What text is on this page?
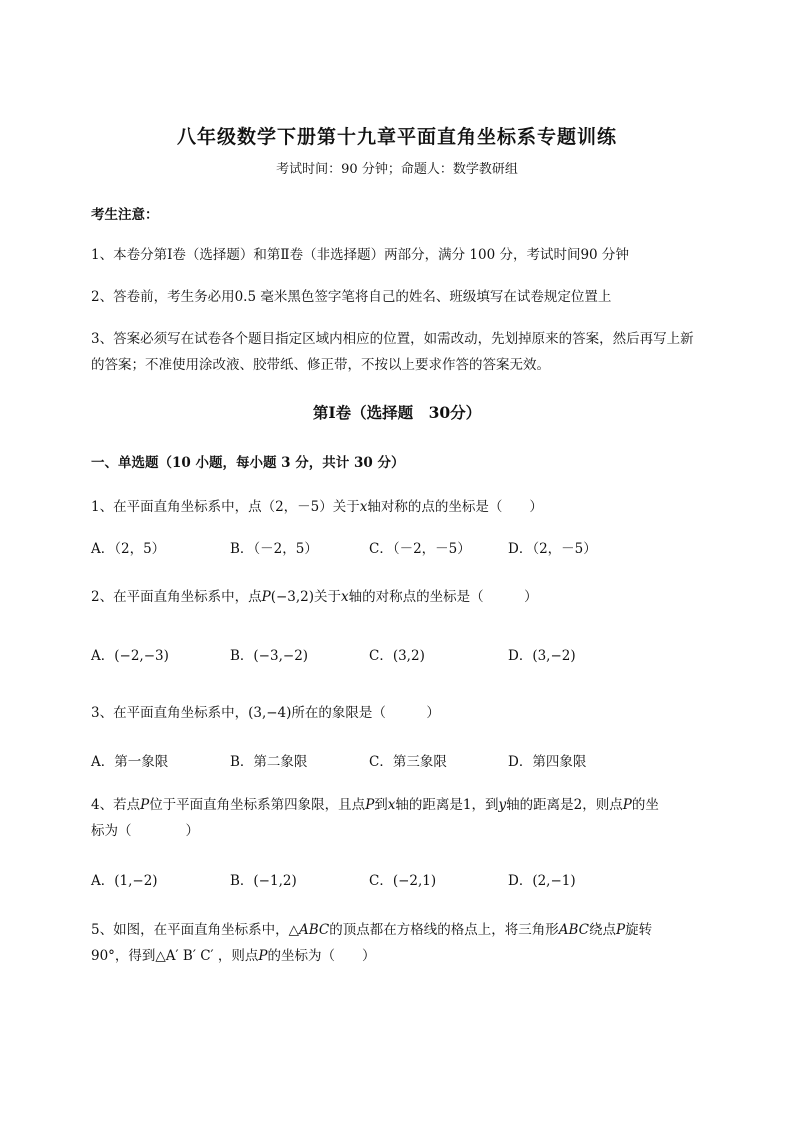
八年级数学下册第十九章平面直角坐标系专题训练
考试时间：90 分钟；命题人：数学教研组
考生注意：
1、本卷分第Ⅰ卷（选择题）和第Ⅱ卷（非选择题）两部分，满分 100 分，考试时间90 分钟
2、答卷前，考生务必用0.5 毫米黑色签字笔将自己的姓名、班级填写在试卷规定位置上
3、答案必须写在试卷各个题目指定区域内相应的位置，如需改动，先划掉原来的答案，然后再写上新
的答案；不准使用涂改液、胶带纸、修正带，不按以上要求作答的答案无效。
第Ⅰ卷（选择题　30分）
一、单选题（10 小题，每小题 3 分，共计 30 分）
1、在平面直角坐标系中，点（2，－5）关于x轴对称的点的坐标是（　　）
A．（2，5）	B．（－2，5）	C．（－2，－5）	D．（2，－5）
2、在平面直角坐标系中，点P(−3,2)关于x轴的对称点的坐标是（　　　）
A．(−2,−3)	B．(−3,−2)	C．(3,2)	D．(3,−2)
3、在平面直角坐标系中，(3,−4)所在的象限是（　　　）
A．第一象限	B．第二象限	C．第三象限	D．第四象限
4、若点P位于平面直角坐标系第四象限，且点P到x轴的距离是1，到y轴的距离是2，则点P的坐
标为（　　　　）
A．(1,−2)	B．(−1,2)	C．(−2,1)	D．(2,−1)
5、如图，在平面直角坐标系中，△ABC的顶点都在方格线的格点上，将三角形ABC绕点P旋转
90°，得到△A′ B′ C′ ，则点P的坐标为（　　）
